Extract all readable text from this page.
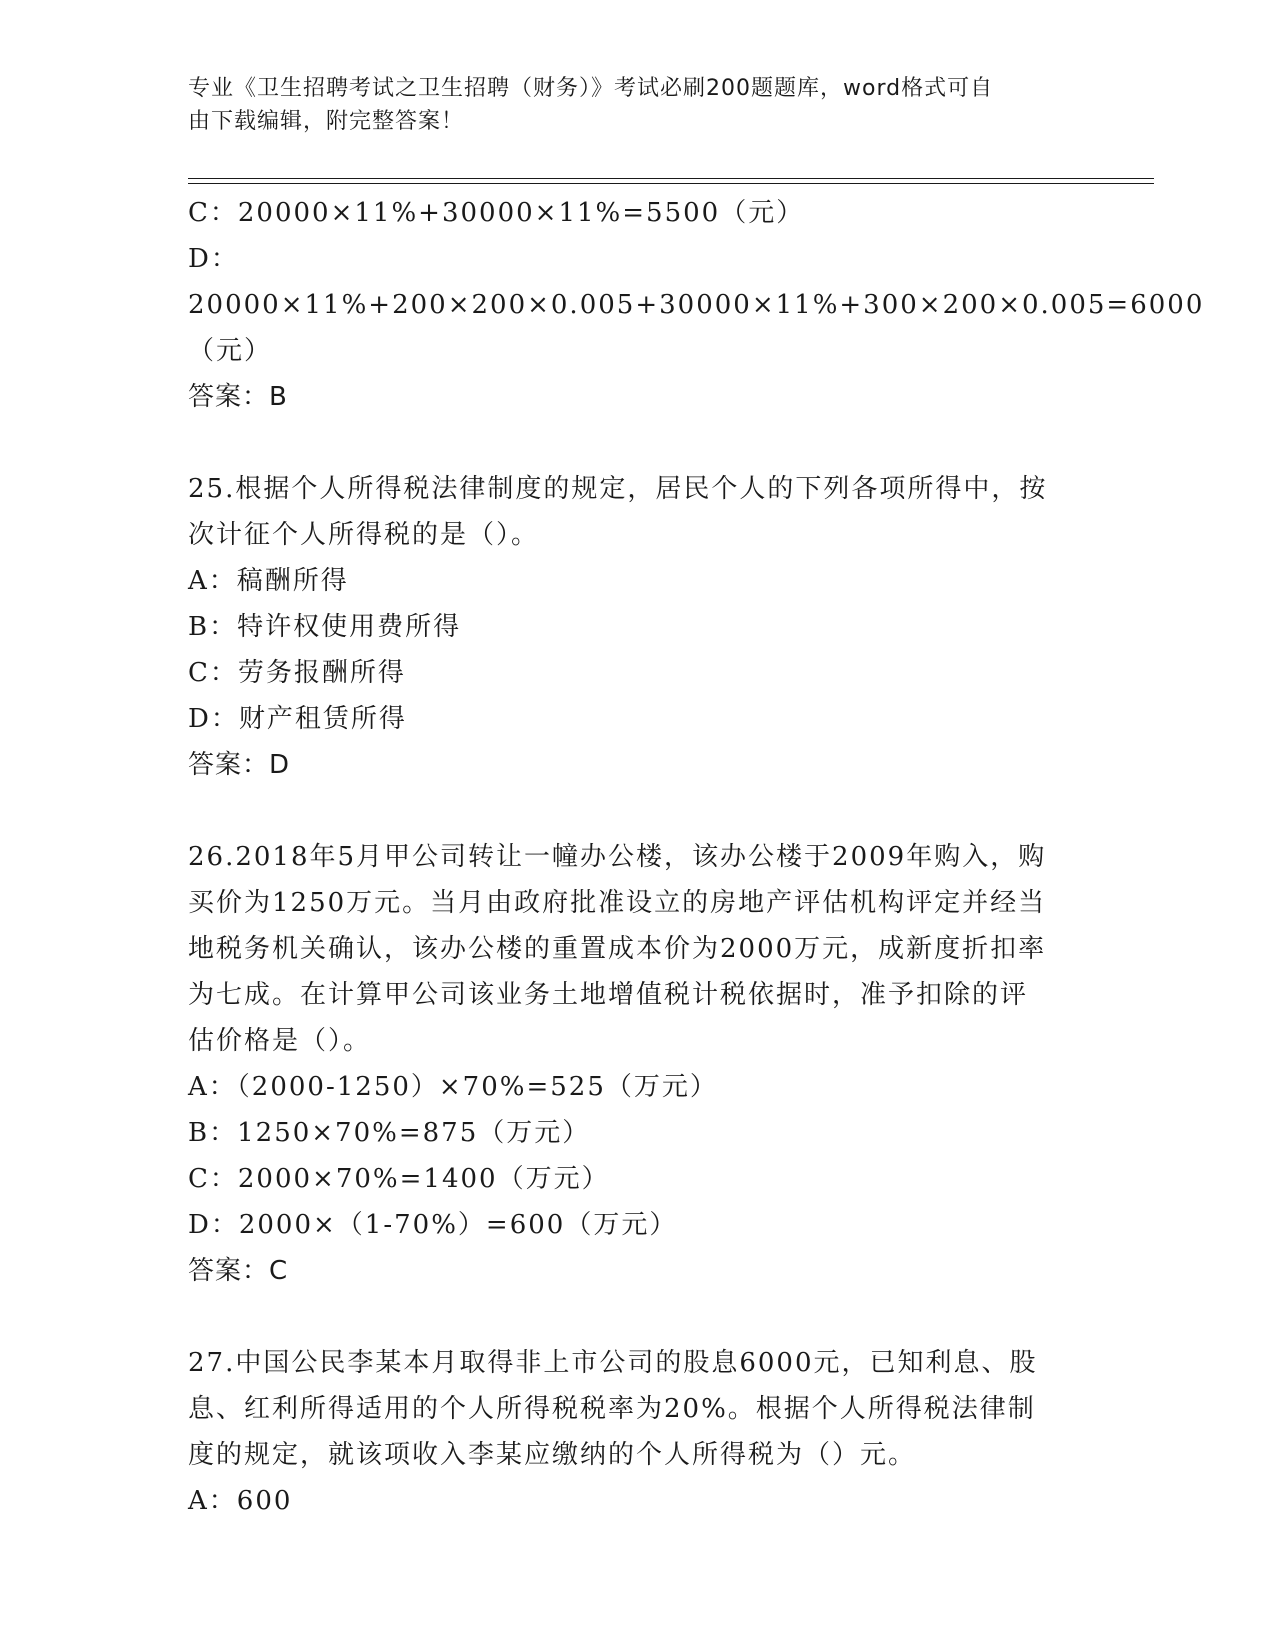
专业《卫生招聘考试之卫生招聘（财务）》考试必刷200题题库，word格式可自
由下载编辑，附完整答案！
C：20000×11%+30000×11%=5500（元）
D：20000×11%+200×200×0.005+30000×11%+300×200×0.005=6000
（元）
答案：B
25.根据个人所得税法律制度的规定，居民个人的下列各项所得中，按
次计征个人所得税的是（）。
A：稿酬所得
B：特许权使用费所得
C：劳务报酬所得
D：财产租赁所得
答案：D
26.2018年5月甲公司转让一幢办公楼，该办公楼于2009年购入，购
买价为1250万元。当月由政府批准设立的房地产评估机构评定并经当
地税务机关确认，该办公楼的重置成本价为2000万元，成新度折扣率
为七成。在计算甲公司该业务土地增值税计税依据时，准予扣除的评
估价格是（）。
A：（2000-1250）×70%=525（万元）
B：1250×70%=875（万元）
C：2000×70%=1400（万元）
D：2000×（1-70%）=600（万元）
答案：C
27.中国公民李某本月取得非上市公司的股息6000元，已知利息、股
息、红利所得适用的个人所得税税率为20%。根据个人所得税法律制
度的规定，就该项收入李某应缴纳的个人所得税为（）元。
A：600
